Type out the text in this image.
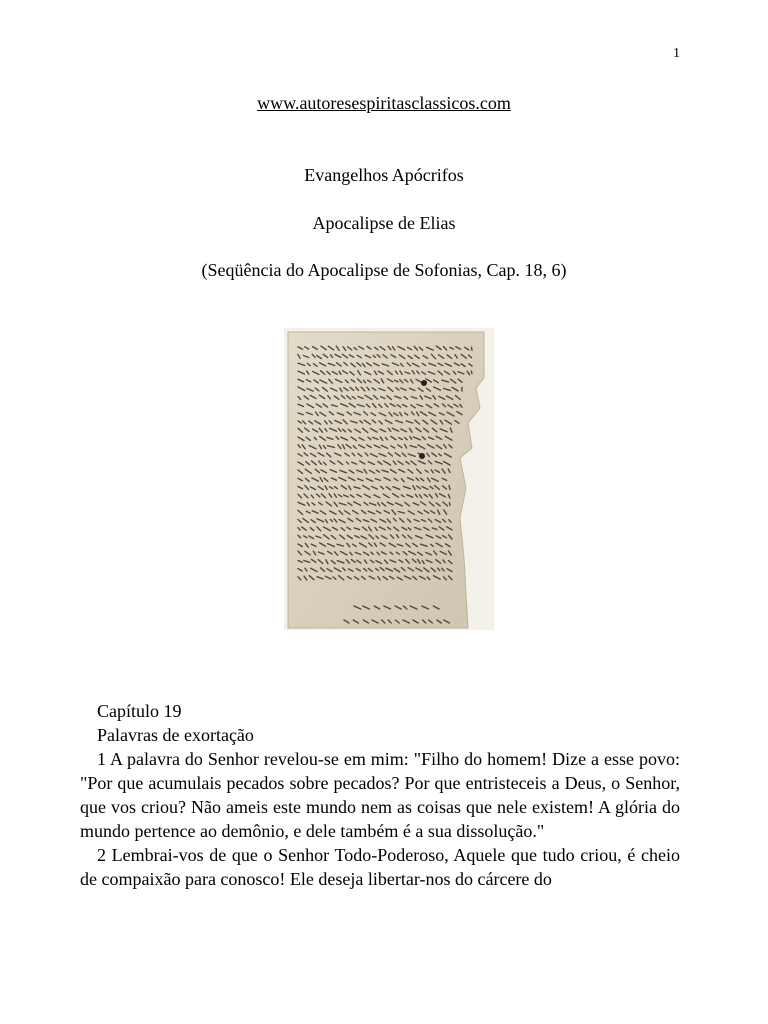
1
www.autoresespiritasclassicos.com
Evangelhos Apócrifos
Apocalipse de Elias
(Seqüência do Apocalipse de Sofonias, Cap. 18, 6)

Capítulo 19

Palavras de exortação

1 A palavra do Senhor revelou-se em mim: "Filho do homem! Dize a esse povo: "Por que acumulais pecados sobre pecados? Por que entristeceis a Deus, o Senhor, que vos criou? Não ameis este mundo nem as coisas que nele existem! A glória do mundo pertence ao demônio, e dele também é a sua dissolução."

2 Lembrai-vos de que o Senhor Todo-Poderoso, Aquele que tudo criou, é cheio de compaixão para conosco! Ele deseja libertar-nos do cárcere do
